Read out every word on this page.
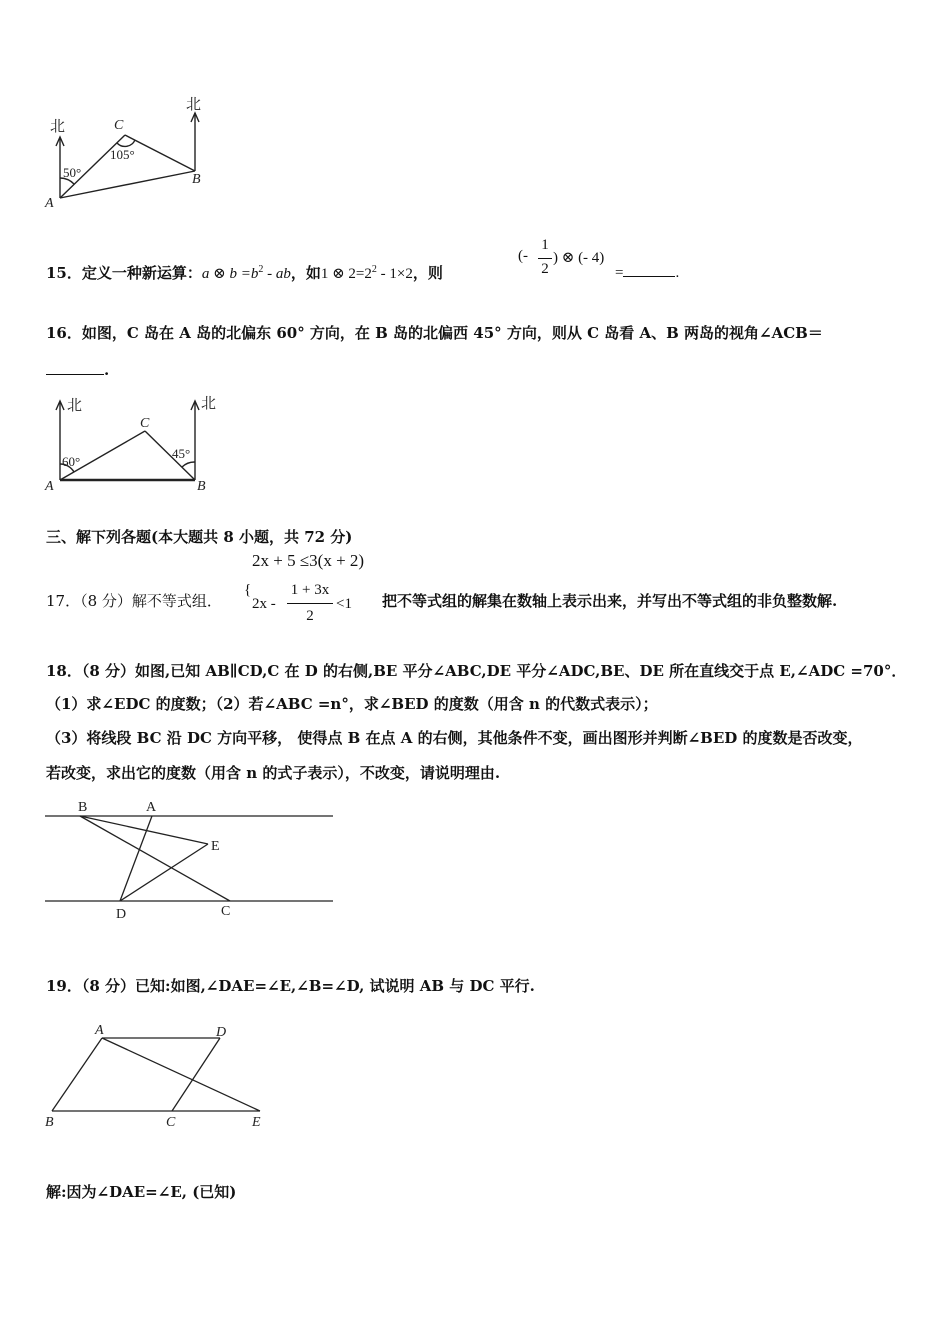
北
北
C
A
B
50°
105°
15．定义一种新运算：a ⊗ $b =b^2$ - ab，如1 ⊗ $2=2^2 - 1\times 2$，则
(-
1
2
) ⊗ (- 4)
=	.
16．如图，C 岛在 A 岛的北偏东 60° 方向，在 B 岛的北偏西 45° 方向，则从 C 岛看 A、B 两岛的视角∠ACB＝
.
北	北
C
A	B
60°
45°
三、解下列各题(本大题共 8 小题，共 72 分)
2x + 5 ≤3(x + 2)
17．（8 分）解不等式组．
{
2x -
1 + 3x
2
<1 把不等式组的解集在数轴上表示出来，并写出不等式组的非负整数解.
18．（8 分）如图,已知 AB∥CD,C 在 D 的右侧,BE 平分∠ABC,DE 平分∠ADC,BE、DE 所在直线交于点 E,∠ADC =70°．
（1）求∠EDC 的度数；（2）若∠ABC =n°，求∠BED 的度数（用含 n 的代数式表示）；
（3）将线段 BC 沿 DC 方向平移， 使得点 B 在点 A 的右侧，其他条件不变，画出图形并判断∠BED 的度数是否改变，
若改变，求出它的度数（用含 n 的式子表示），不改变，请说明理由.
B	A
E
D	C
19．（8 分）已知:如图,∠DAE=∠E,∠B=∠D, 试说明 AB 与 DC 平行.
A	D
B	C	E
解:因为∠DAE=∠E, (已知)
